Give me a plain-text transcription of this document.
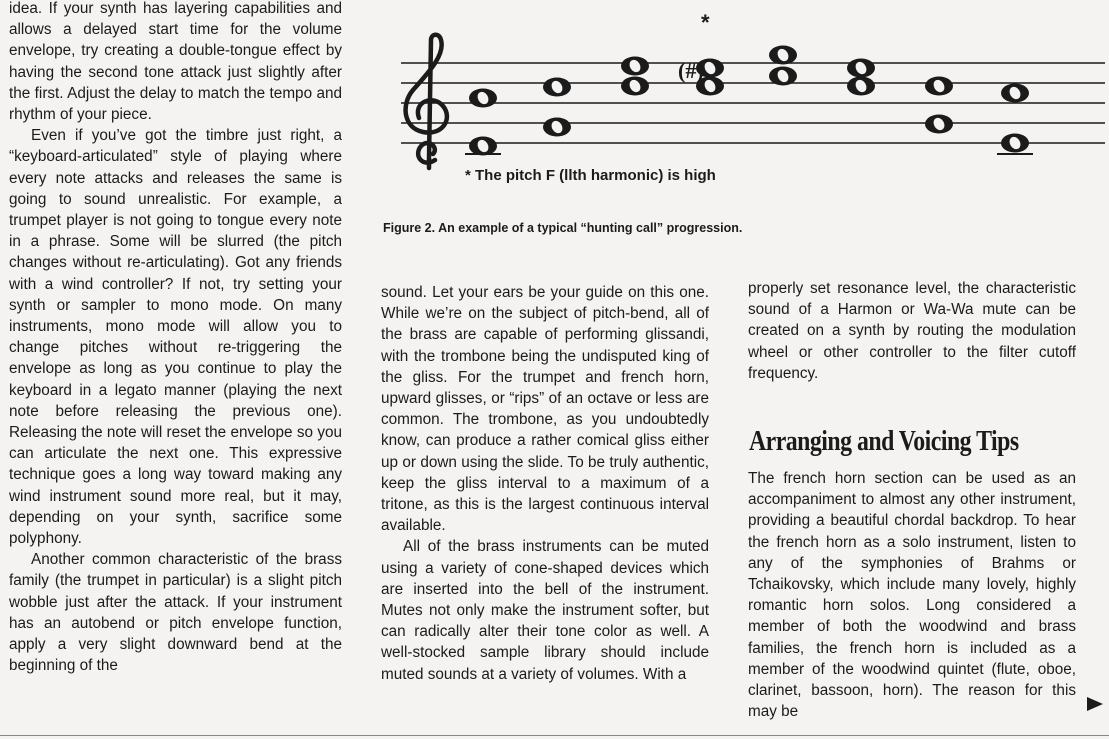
idea. If your synth has layering capabilities and allows a delayed start time for the volume envelope, try creating a double-tongue effect by having the second tone attack just slightly after the first. Adjust the delay to match the tempo and rhythm of your piece.

Even if you’ve got the timbre just right, a “keyboard-articulated” style of playing where every note attacks and releases the same is going to sound unrealistic. For example, a trumpet player is not going to tongue every note in a phrase. Some will be slurred (the pitch changes without re-articulating). Got any friends with a wind controller? If not, try setting your synth or sampler to mono mode. On many instruments, mono mode will allow you to change pitches without re-triggering the envelope as long as you continue to play the keyboard in a legato manner (playing the next note before releasing the previous one). Releasing the note will reset the envelope so you can articulate the next one. This expressive technique goes a long way toward making any wind instrument sound more real, but it may, depending on your synth, sacrifice some polyphony.

Another common characteristic of the brass family (the trumpet in particular) is a slight pitch wobble just after the attack. If your instrument has an autobend or pitch envelope function, apply a very slight downward bend at the beginning of the

(#)
*
* The pitch F (llth harmonic) is high
Figure 2. An example of a typical “hunting call” progression.

sound. Let your ears be your guide on this one. While we’re on the subject of pitch-bend, all of the brass are capable of performing glissandi, with the trombone being the undisputed king of the gliss. For the trumpet and french horn, upward glisses, or “rips” of an octave or less are common. The trombone, as you undoubtedly know, can produce a rather comical gliss either up or down using the slide. To be truly authentic, keep the gliss interval to a maximum of a tritone, as this is the largest continuous interval available.

All of the brass instruments can be muted using a variety of cone-shaped devices which are inserted into the bell of the instrument. Mutes not only make the instrument softer, but can radically alter their tone color as well. A well-stocked sample library should include muted sounds at a variety of volumes. With a

properly set resonance level, the characteristic sound of a Harmon or Wa-Wa mute can be created on a synth by routing the modulation wheel or other controller to the filter cutoff frequency.

Arranging and Voicing Tips

The french horn section can be used as an accompaniment to almost any other instrument, providing a beautiful chordal backdrop. To hear the french horn as a solo instrument, listen to any of the symphonies of Brahms or Tchaikovsky, which include many lovely, highly romantic horn solos. Long considered a member of both the woodwind and brass families, the french horn is included as a member of the woodwind quintet (flute, oboe, clarinet, bassoon, horn). The reason for this may be
